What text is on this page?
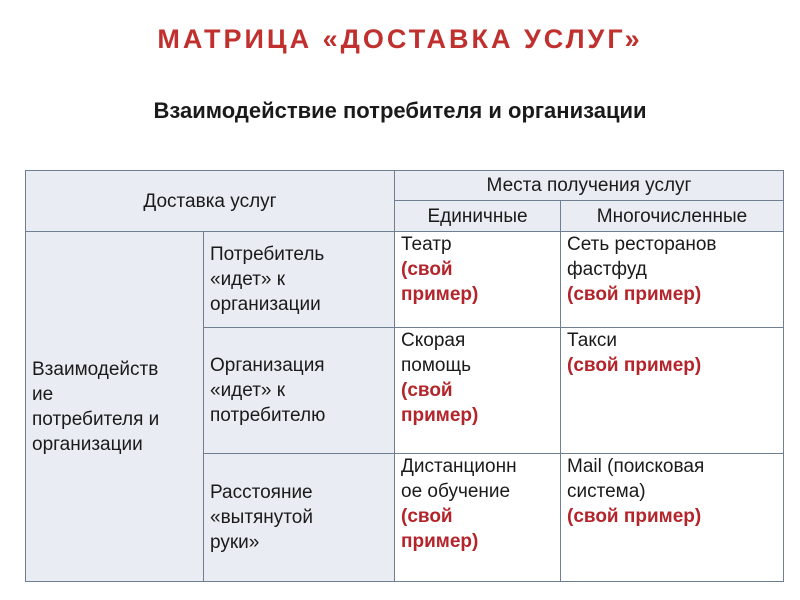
МАТРИЦА «ДОСТАВКА УСЛУГ»
Взаимодействие потребителя и организации
Доставка услуг		Места получения услуг	
		Единичные	Многочисленные

Взаимодейств
ие
потребителя и
организации	Потребитель
«идет» к
организации	Театр
(свой
пример)	Сеть ресторанов
фастфуд
(свой пример)

	Организация
«идет» к
потребителю	Скорая
помощь
(свой
пример)	Такси
(свой пример)

	Расстояние
«вытянутой
руки»	Дистанционн
ое обучение
(свой
пример)	Mail (поисковая
система)
(свой пример)
